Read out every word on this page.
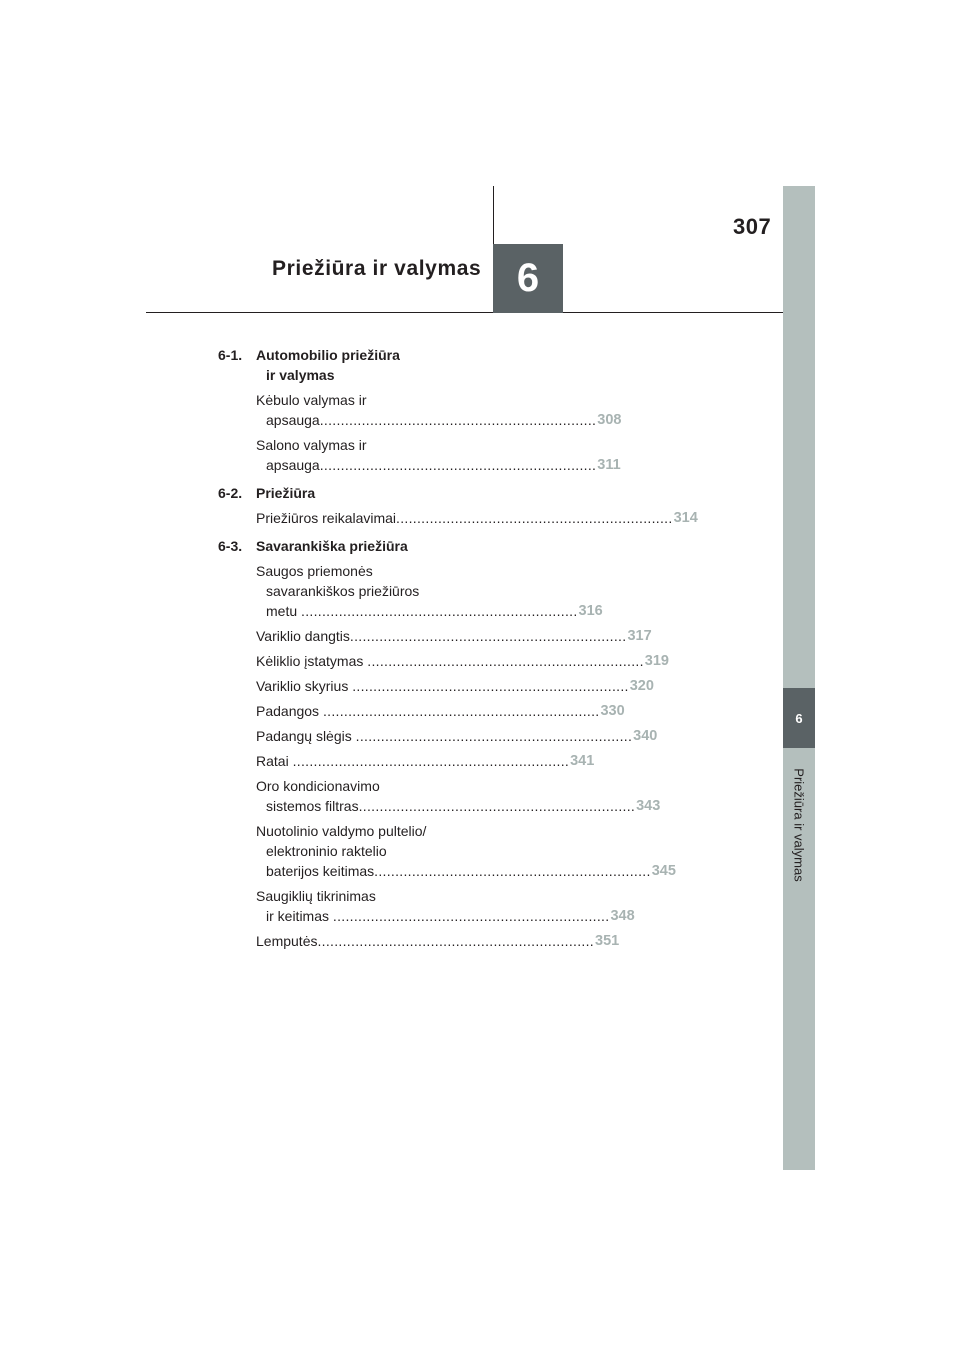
307
Priežiūra ir valymas 6
6
Priežiūra ir valymas
6-1. Automobilio priežiūra
ir valymas
Kėbulo valymas ir
apsauga .................................................................. 308
Salono valymas ir
apsauga .................................................................. 311
6-2. Priežiūra
Priežiūros reikalavimai .................................................................. 314
6-3. Savarankiška priežiūra
Saugos priemonės
savarankiškos priežiūros
metu .................................................................. 316
Variklio dangtis .................................................................. 317
Kėliklio įstatymas .................................................................. 319
Variklio skyrius .................................................................. 320
Padangos .................................................................. 330
Padangų slėgis .................................................................. 340
Ratai .................................................................. 341
Oro kondicionavimo
sistemos filtras .................................................................. 343
Nuotolinio valdymo pultelio/
elektroninio raktelio
baterijos keitimas .................................................................. 345
Saugiklių tikrinimas
ir keitimas .................................................................. 348
Lemputės .................................................................. 351
